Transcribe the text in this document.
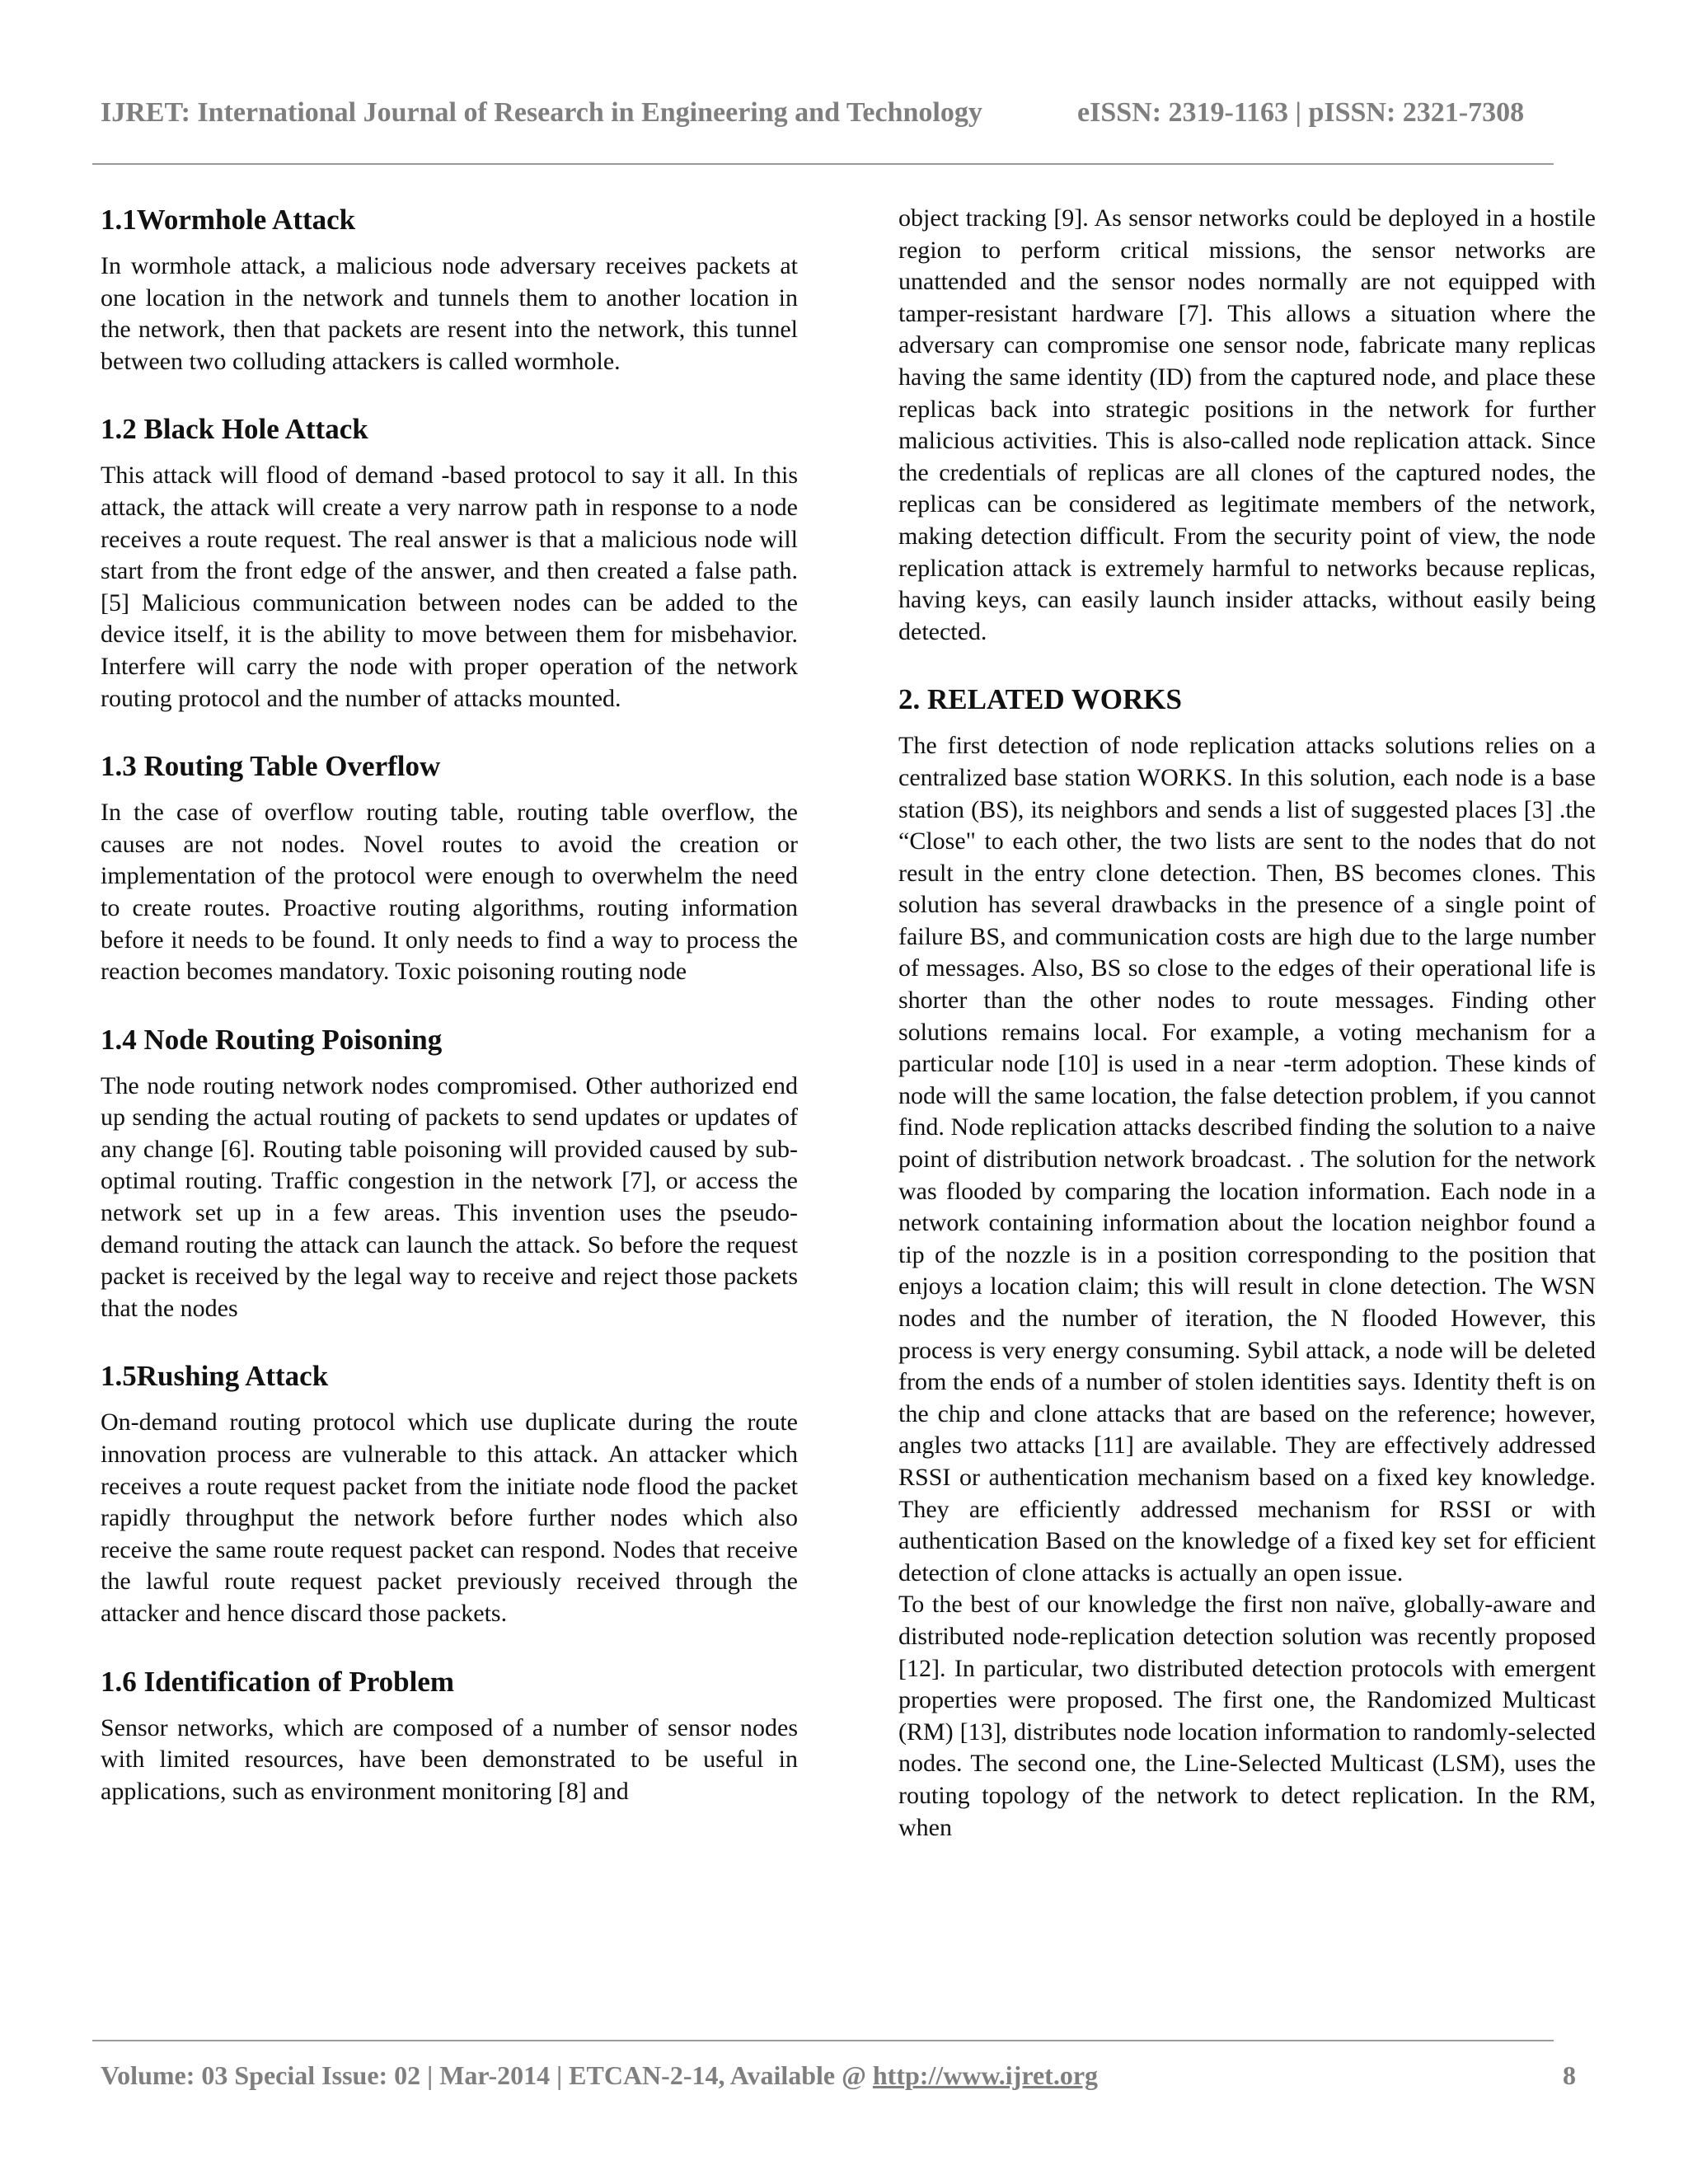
IJRET: International Journal of Research in Engineering and Technology	eISSN: 2319-1163 | pISSN: 2321-7308
1.1Wormhole Attack

In wormhole attack, a malicious node adversary receives packets at one location in the network and tunnels them to another location in the network, then that packets are resent into the network, this tunnel between two colluding attackers is called wormhole.

1.2 Black Hole Attack

This attack will flood of demand -based protocol to say it all. In this attack, the attack will create a very narrow path in response to a node receives a route request. The real answer is that a malicious node will start from the front edge of the answer, and then created a false path. [5] Malicious communication between nodes can be added to the device itself, it is the ability to move between them for misbehavior. Interfere will carry the node with proper operation of the network routing protocol and the number of attacks mounted.

1.3 Routing Table Overflow

In the case of overflow routing table, routing table overflow, the causes are not nodes. Novel routes to avoid the creation or implementation of the protocol were enough to overwhelm the need to create routes. Proactive routing algorithms, routing information before it needs to be found. It only needs to find a way to process the reaction becomes mandatory. Toxic poisoning routing node

1.4 Node Routing Poisoning

The node routing network nodes compromised. Other authorized end up sending the actual routing of packets to send updates or updates of any change [6]. Routing table poisoning will provided caused by sub-optimal routing. Traffic congestion in the network [7], or access the network set up in a few areas. This invention uses the pseudo- demand routing the attack can launch the attack. So before the request packet is received by the legal way to receive and reject those packets that the nodes

1.5Rushing Attack

On-demand routing protocol which use duplicate during the route innovation process are vulnerable to this attack. An attacker which receives a route request packet from the initiate node flood the packet rapidly throughput the network before further nodes which also receive the same route request packet can respond. Nodes that receive the lawful route request packet previously received through the attacker and hence discard those packets.

1.6 Identification of Problem

Sensor networks, which are composed of a number of sensor nodes with limited resources, have been demonstrated to be useful in applications, such as environment monitoring [8] and

object tracking [9]. As sensor networks could be deployed in a hostile region to perform critical missions, the sensor networks are unattended and the sensor nodes normally are not equipped with tamper-resistant hardware [7]. This allows a situation where the adversary can compromise one sensor node, fabricate many replicas having the same identity (ID) from the captured node, and place these replicas back into strategic positions in the network for further malicious activities. This is also-called node replication attack. Since the credentials of replicas are all clones of the captured nodes, the replicas can be considered as legitimate members of the network, making detection difficult. From the security point of view, the node replication attack is extremely harmful to networks because replicas, having keys, can easily launch insider attacks, without easily being detected.

2. RELATED WORKS

The first detection of node replication attacks solutions relies on a centralized base station WORKS. In this solution, each node is a base station (BS), its neighbors and sends a list of suggested places [3] .the “Close" to each other, the two lists are sent to the nodes that do not result in the entry clone detection. Then, BS becomes clones. This solution has several drawbacks in the presence of a single point of failure BS, and communication costs are high due to the large number of messages. Also, BS so close to the edges of their operational life is shorter than the other nodes to route messages. Finding other solutions remains local. For example, a voting mechanism for a particular node [10] is used in a near -term adoption. These kinds of node will the same location, the false detection problem, if you cannot find. Node replication attacks described finding the solution to a naive point of distribution network broadcast. . The solution for the network was flooded by comparing the location information. Each node in a network containing information about the location neighbor found a tip of the nozzle is in a position corresponding to the position that enjoys a location claim; this will result in clone detection. The WSN nodes and the number of iteration, the N flooded However, this process is very energy consuming. Sybil attack, a node will be deleted from the ends of a number of stolen identities says. Identity theft is on the chip and clone attacks that are based on the reference; however, angles two attacks [11] are available. They are effectively addressed RSSI or authentication mechanism based on a fixed key knowledge. They are efficiently addressed mechanism for RSSI or with authentication Based on the knowledge of a fixed key set for efficient detection of clone attacks is actually an open issue.

To the best of our knowledge the first non naïve, globally-aware and distributed node-replication detection solution was recently proposed [12]. In particular, two distributed detection protocols with emergent properties were proposed. The first one, the Randomized Multicast (RM) [13], distributes node location information to randomly-selected nodes. The second one, the Line-Selected Multicast (LSM), uses the routing topology of the network to detect replication. In the RM, when

Volume: 03 Special Issue: 02 | Mar-2014 | ETCAN-2-14, Available @ http://www.ijret.org	8
